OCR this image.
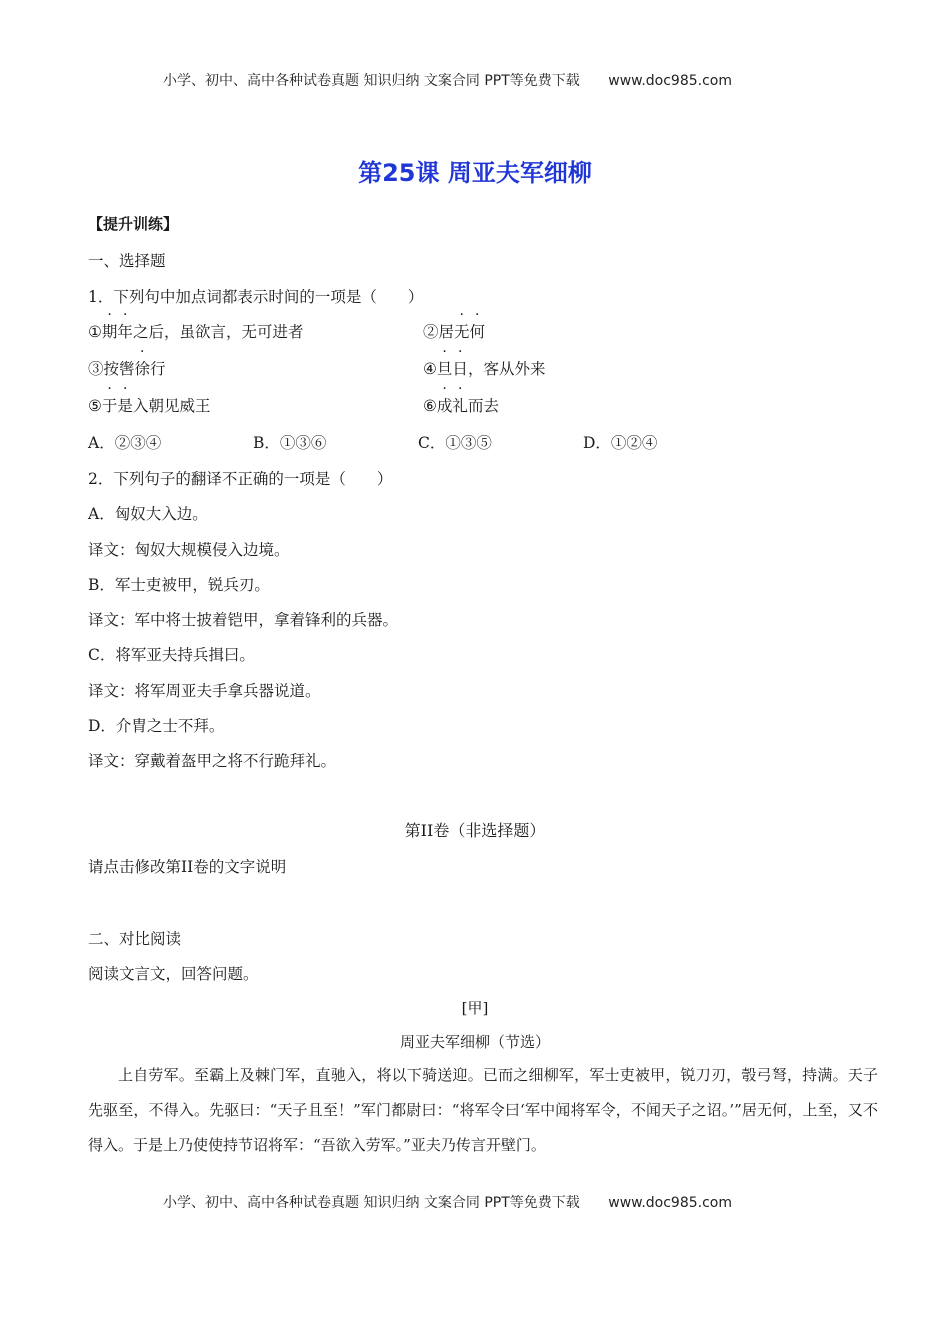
小学、初中、高中各种试卷真题 知识归纳 文案合同 PPT等免费下载 www.doc985.com
第25课 周亚夫军细柳
【提升训练】
一、选择题
1．下列句中加点词都表示时间的一项是（　　）
①期年之后，虽欲言，无可进者	②居无何
③按辔徐行	④旦日，客从外来
⑤于是入朝见威王	⑥成礼而去
A．②③④	B．①③⑥	C．①③⑤	D．①②④
2．下列句子的翻译不正确的一项是（　　）
A．匈奴大入边。
译文：匈奴大规模侵入边境。
B．军士吏被甲，锐兵刃。
译文：军中将士披着铠甲，拿着锋利的兵器。
C．将军亚夫持兵揖曰。
译文：将军周亚夫手拿兵器说道。
D．介胄之士不拜。
译文：穿戴着盔甲之将不行跪拜礼。
第II卷（非选择题）
请点击修改第II卷的文字说明
二、对比阅读
阅读文言文，回答问题。
[甲]
周亚夫军细柳（节选）
上自劳军。至霸上及棘门军，直驰入，将以下骑送迎。已而之细柳军，军士吏被甲，锐刀刃，彀弓弩，持满。天子先驱至，不得入。先驱曰：“天子且至！”军门都尉曰：“将军令曰‘军中闻将军令，不闻天子之诏。’”居无何，上至，又不得入。于是上乃使使持节诏将军：“吾欲入劳军。”亚夫乃传言开壁门。
小学、初中、高中各种试卷真题 知识归纳 文案合同 PPT等免费下载 www.doc985.com
